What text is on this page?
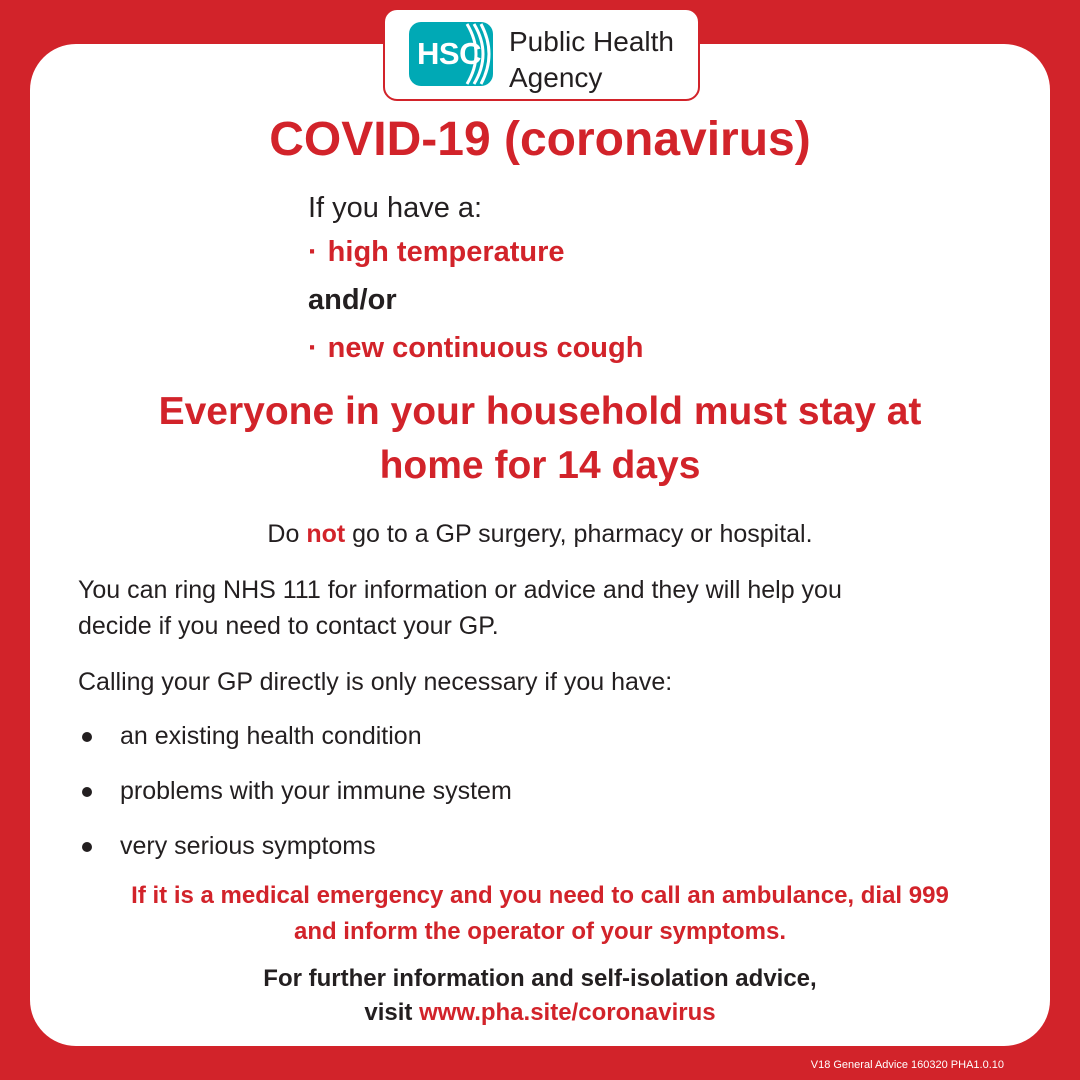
HSC Public Health
Agency
COVID-19 (coronavirus)
If you have a:
· high temperature
and/or
· new continuous cough
Everyone in your household must stay at
home for 14 days
Do not go to a GP surgery, pharmacy or hospital.
You can ring NHS 111 for information or advice and they will help you
decide if you need to contact your GP.
Calling your GP directly is only necessary if you have:
an existing health condition
problems with your immune system
very serious symptoms
If it is a medical emergency and you need to call an ambulance, dial 999
and inform the operator of your symptoms.
For further information and self-isolation advice,
visit www.pha.site/coronavirus
V18 General Advice 160320 PHA1.0.10
